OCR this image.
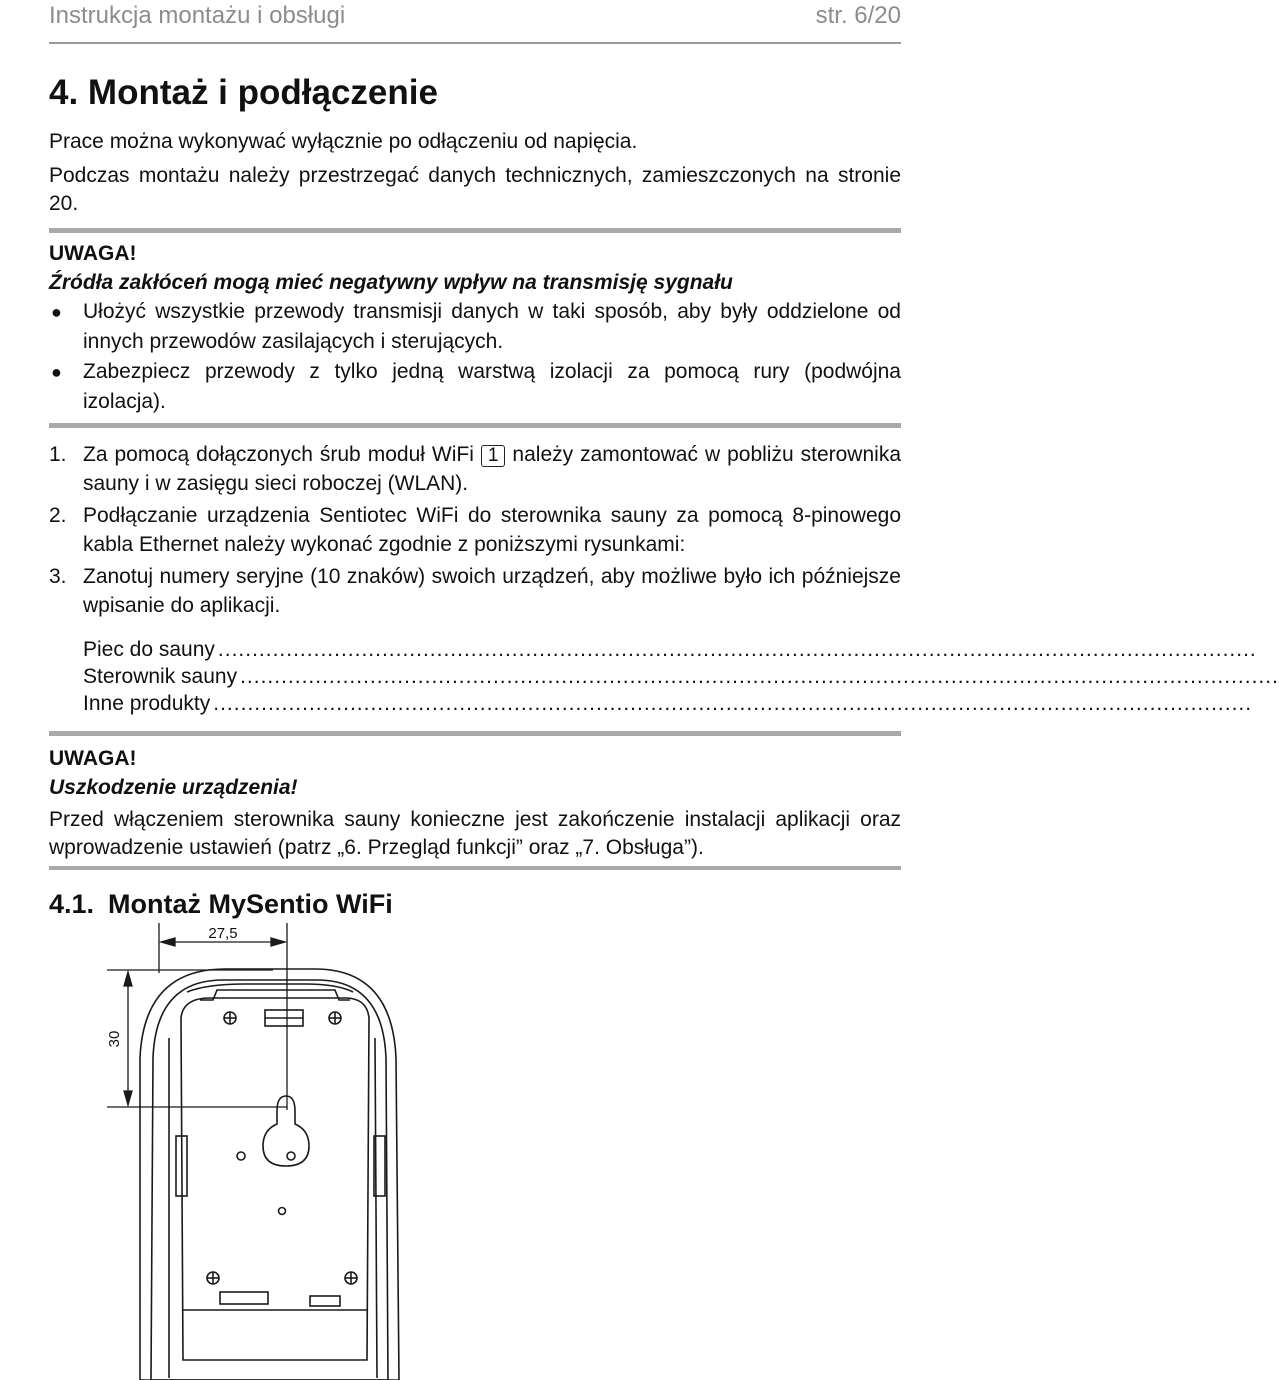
Instrukcja montażu i obsługi	str. 6/20
4. Montaż i podłączenie

Prace można wykonywać wyłącznie po odłączeniu od napięcia.

Podczas montażu należy przestrzegać danych technicznych, zamieszczonych na stronie 20.

UWAGA!
Źródła zakłóceń mogą mieć negatywny wpływ na transmisję sygnału
● Ułożyć wszystkie przewody transmisji danych w taki sposób, aby były oddzielone od innych przewodów zasilających i sterujących.
● Zabezpiecz przewody z tylko jedną warstwą izolacji za pomocą rury (podwójna izolacja).
1. Za pomocą dołączonych śrub moduł WiFi 1 należy zamontować w pobliżu sterownika sauny i w zasięgu sieci roboczej (WLAN).
2. Podłączanie urządzenia Sentiotec WiFi do sterownika sauny za pomocą 8-pinowego kabla Ethernet należy wykonać zgodnie z poniższymi rysunkami:
3. Zanotuj numery seryjne (10 znaków) swoich urządzeń, aby możliwe było ich późniejsze wpisanie do aplikacji.
Piec do sauny ........................................................................................................................................................
Sterownik sauny ........................................................................................................................................................
Inne produkty ........................................................................................................................................................
UWAGA!
Uszkodzenie urządzenia!

Przed włączeniem sterownika sauny konieczne jest zakończenie instalacji aplikacji oraz wprowadzenie ustawień (patrz „6. Przegląd funkcji” oraz „7. Obsługa”).

4.1. Montaż MySentio WiFi
27,5
30
